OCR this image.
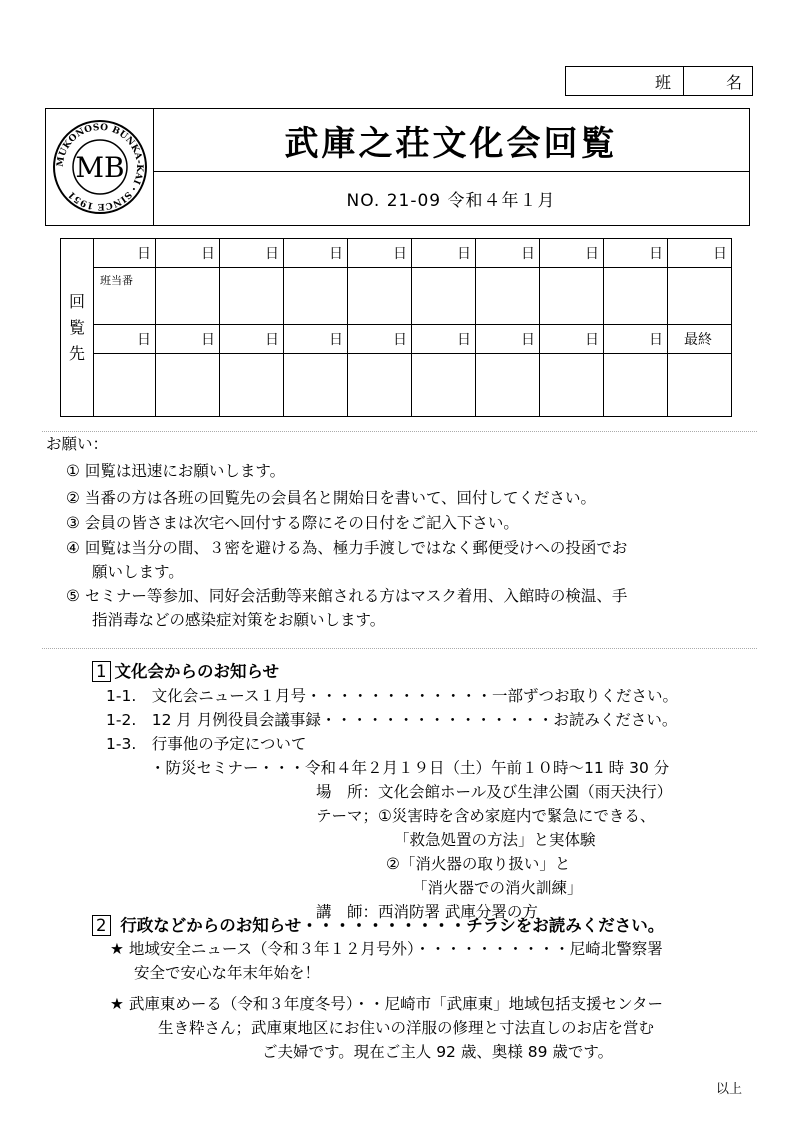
班	名
MUKONOSO BUNKA-KAI・SINCE 1951
MB
武庫之荘文化会回覧
NO. 21-09 令和４年１月
回
覧
先	日	日	日	日	日	日	日	日	日	日
	班当番									
	日	日	日	日	日	日	日	日	日	最終

お願い：
① 回覧は迅速にお願いします。
② 当番の方は各班の回覧先の会員名と開始日を書いて、回付してください。
③ 会員の皆さまは次宅へ回付する際にその日付をご記入下さい。
④ 回覧は当分の間、３密を避ける為、極力手渡しではなく郵便受けへの投函でお
願いします。
⑤ セミナー等参加、同好会活動等来館される方はマスク着用、入館時の検温、手
指消毒などの感染症対策をお願いします。
1 文化会からのお知らせ
1-1.　文化会ニュース１月号・・・・・・・・・・・・一部ずつお取りください。
1-2.　12 月 月例役員会議事録・・・・・・・・・・・・・・・お読みください。
1-3.　行事他の予定について
・防災セミナー・・・令和４年２月１９日（土）午前１０時～11 時 30 分
場　所：文化会館ホール及び生津公園（雨天決行）
テーマ；①災害時を含め家庭内で緊急にできる、
「救急処置の方法」と実体験
②「消火器の取り扱い」と
「消火器での消火訓練」
講　師：西消防署 武庫分署の方
2 行政などからのお知らせ・・・・・・・・・・チラシをお読みください。
★ 地域安全ニュース（令和３年１２月号外）・・・・・・・・・・尼崎北警察署
安全で安心な年末年始を！
★ 武庫東めーる（令和３年度冬号）・・尼崎市「武庫東」地域包括支援センター
生き粋さん；武庫東地区にお住いの洋服の修理と寸法直しのお店を営む
ご夫婦です。現在ご主人 92 歳、奥様 89 歳です。
以上
